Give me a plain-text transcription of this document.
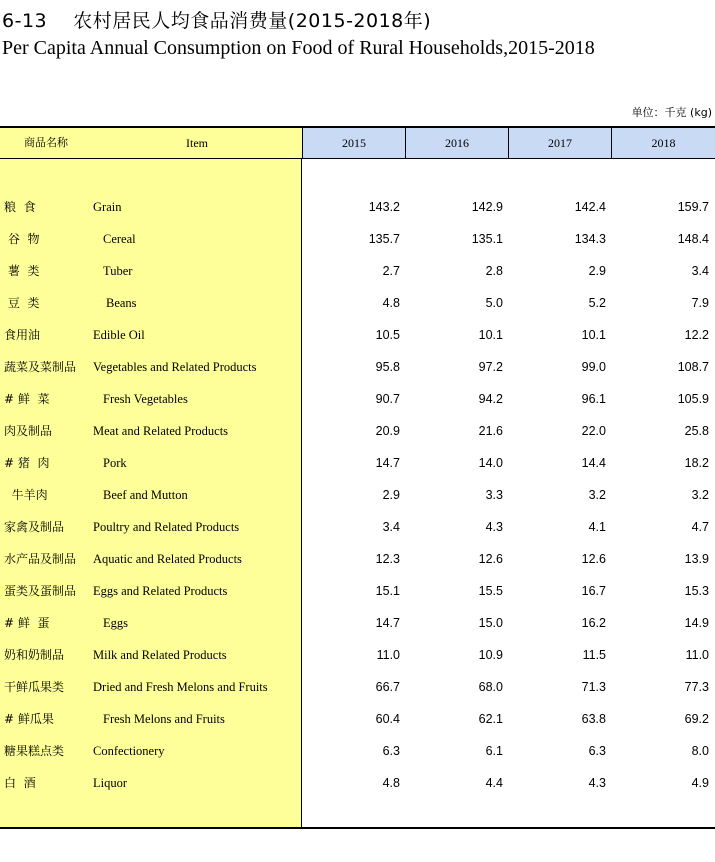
6-13 农村居民人均食品消费量(2015-2018年)
Per Capita Annual Consumption on Food of Rural Households,2015-2018
单位：千克 (kg)
商品名称	Item	2015	2016	2017	2018
粮  食	Grain	143.2	142.9	142.4	159.7
谷  物	Cereal	135.7	135.1	134.3	148.4
薯  类	Tuber	2.7	2.8	2.9	3.4
豆  类	Beans	4.8	5.0	5.2	7.9
食用油	Edible Oil	10.5	10.1	10.1	12.2
蔬菜及菜制品 Vegetables and Related Products	95.8	97.2	99.0	108.7
# 鲜  菜	Fresh Vegetables	90.7	94.2	96.1	105.9
肉及制品	Meat and Related Products	20.9	21.6	22.0	25.8
# 猪  肉	Pork	14.7	14.0	14.4	18.2
牛羊肉	Beef and Mutton	2.9	3.3	3.2	3.2
家禽及制品 Poultry and Related Products	3.4	4.3	4.1	4.7
水产品及制品 Aquatic and Related Products	12.3	12.6	12.6	13.9
蛋类及蛋制品 Eggs and Related Products	15.1	15.5	16.7	15.3
# 鲜  蛋	Eggs	14.7	15.0	16.2	14.9
奶和奶制品 Milk and Related Products	11.0	10.9	11.5	11.0
干鲜瓜果类 Dried and Fresh Melons and Fruits	66.7	68.0	71.3	77.3
# 鲜瓜果	Fresh Melons and Fruits	60.4	62.1	63.8	69.2
糖果糕点类 Confectionery	6.3	6.1	6.3	8.0
白  酒	Liquor	4.8	4.4	4.3	4.9
